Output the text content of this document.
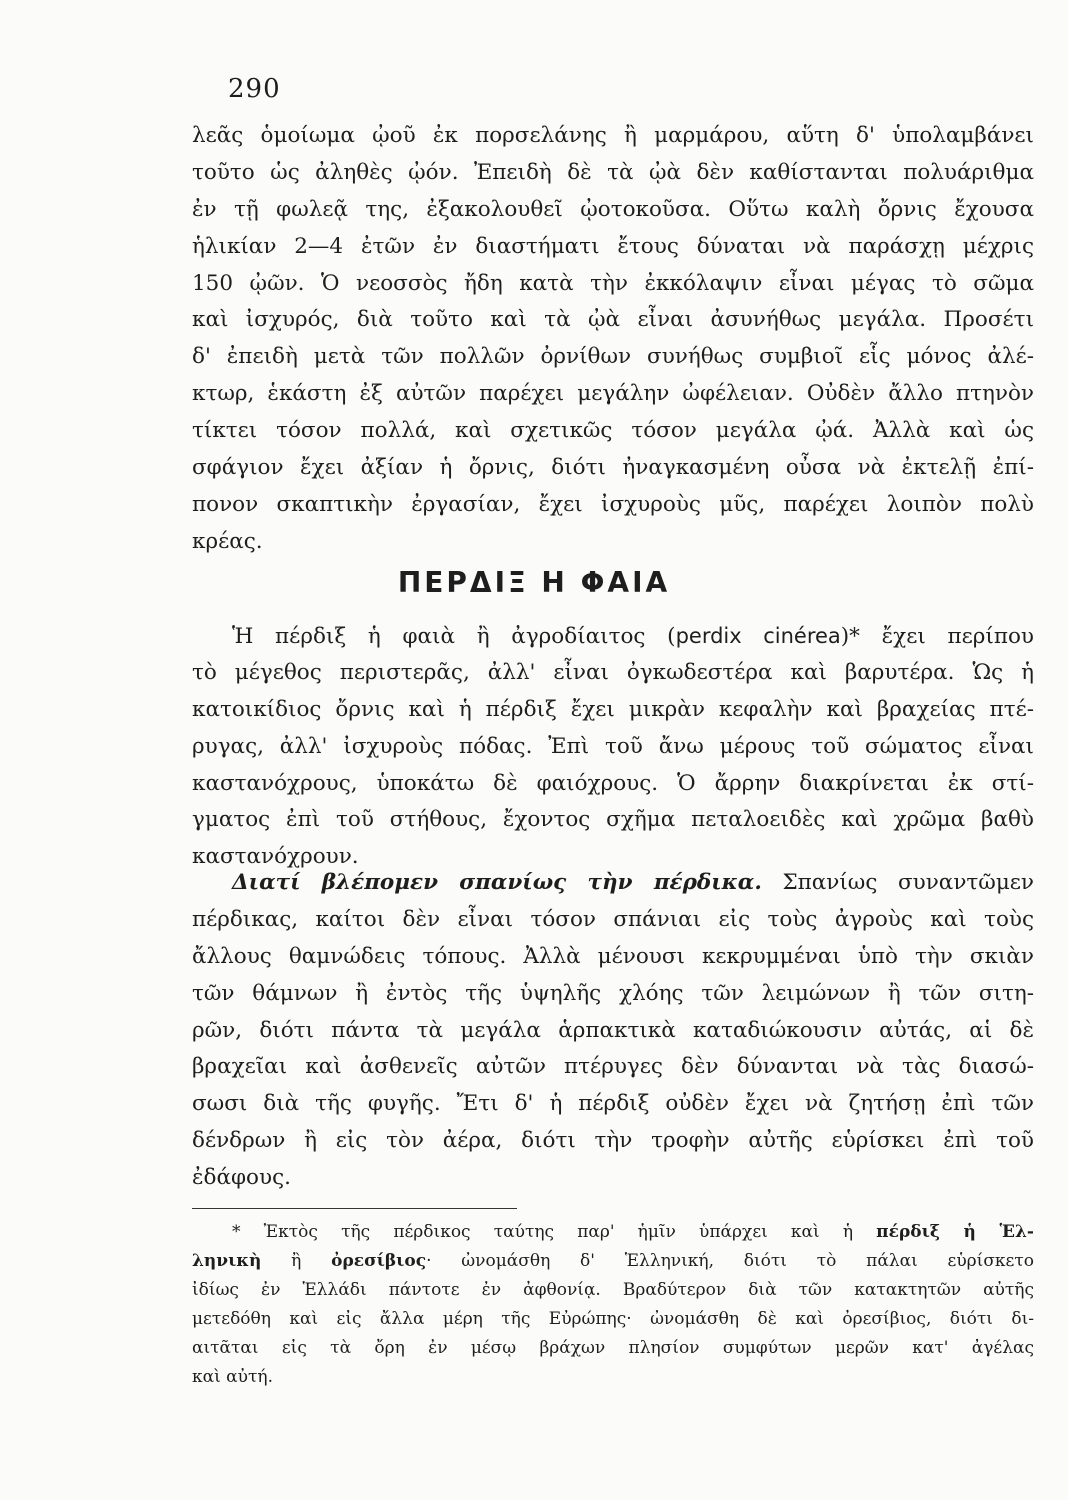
290
λεᾶς ὁμοίωμα ᾠοῦ ἐκ πορσελάνης ἢ μαρμάρου, αὕτη δ' ὑπολαμβάνει
τοῦτο ὡς ἀληθὲς ᾠόν. Ἐπειδὴ δὲ τὰ ᾠὰ δὲν καθίστανται πολυάριθμα
ἐν τῇ φωλεᾷ της, ἐξακολουθεῖ ᾠοτοκοῦσα. Οὕτω καλὴ ὄρνις ἔχουσα
ἡλικίαν 2—4 ἐτῶν ἐν διαστήματι ἔτους δύναται νὰ παράσχῃ μέχρις
150 ᾠῶν. Ὁ νεοσσὸς ἤδη κατὰ τὴν ἐκκόλαψιν εἶναι μέγας τὸ σῶμα
καὶ ἰσχυρός, διὰ τοῦτο καὶ τὰ ᾠὰ εἶναι ἀσυνήθως μεγάλα. Προσέτι
δ' ἐπειδὴ μετὰ τῶν πολλῶν ὀρνίθων συνήθως συμβιοῖ εἷς μόνος ἀλέ-
κτωρ, ἑκάστη ἐξ αὐτῶν παρέχει μεγάλην ὠφέλειαν. Οὐδὲν ἄλλο πτηνὸν
τίκτει τόσον πολλά, καὶ σχετικῶς τόσον μεγάλα ᾠά. Ἀλλὰ καὶ ὡς
σφάγιον ἔχει ἀξίαν ἡ ὄρνις, διότι ἠναγκασμένη οὖσα νὰ ἐκτελῇ ἐπί-
πονον σκαπτικὴν ἐργασίαν, ἔχει ἰσχυροὺς μῦς, παρέχει λοιπὸν πολὺ
κρέας.
ΠΕΡΔΙΞ Η ΦΑΙΑ
Ἡ πέρδιξ ἡ φαιὰ ἢ ἀγροδίαιτος (perdix cinérea)* ἔχει περίπου
τὸ μέγεθος περιστερᾶς, ἀλλ' εἶναι ὀγκωδεστέρα καὶ βαρυτέρα. Ὡς ἡ
κατοικίδιος ὄρνις καὶ ἡ πέρδιξ ἔχει μικρὰν κεφαλὴν καὶ βραχείας πτέ-
ρυγας, ἀλλ' ἰσχυροὺς πόδας. Ἐπὶ τοῦ ἄνω μέρους τοῦ σώματος εἶναι
καστανόχρους, ὑποκάτω δὲ φαιόχρους. Ὁ ἄρρην διακρίνεται ἐκ στί-
γματος ἐπὶ τοῦ στήθους, ἔχοντος σχῆμα πεταλοειδὲς καὶ χρῶμα βαθὺ
καστανόχρουν.
Διατί βλέπομεν σπανίως τὴν πέρδικα. Σπανίως συναντῶμεν
πέρδικας, καίτοι δὲν εἶναι τόσον σπάνιαι εἰς τοὺς ἀγροὺς καὶ τοὺς
ἄλλους θαμνώδεις τόπους. Ἀλλὰ μένουσι κεκρυμμέναι ὑπὸ τὴν σκιὰν
τῶν θάμνων ἢ ἐντὸς τῆς ὑψηλῆς χλόης τῶν λειμώνων ἢ τῶν σιτη-
ρῶν, διότι πάντα τὰ μεγάλα ἁρπακτικὰ καταδιώκουσιν αὐτάς, αἱ δὲ
βραχεῖαι καὶ ἀσθενεῖς αὐτῶν πτέρυγες δὲν δύνανται νὰ τὰς διασώ-
σωσι διὰ τῆς φυγῆς. Ἔτι δ' ἡ πέρδιξ οὐδὲν ἔχει νὰ ζητήσῃ ἐπὶ τῶν
δένδρων ἢ εἰς τὸν ἀέρα, διότι τὴν τροφὴν αὐτῆς εὑρίσκει ἐπὶ τοῦ
ἐδάφους.
* Ἐκτὸς τῆς πέρδικος ταύτης παρ' ἡμῖν ὑπάρχει καὶ ἡ πέρδιξ ἡ Ἑλ-
ληνικὴ ἢ ὀρεσίβιος· ὠνομάσθη δ' Ἑλληνική, διότι τὸ πάλαι εὑρίσκετο
ἰδίως ἐν Ἑλλάδι πάντοτε ἐν ἀφθονίᾳ. Βραδύτερον διὰ τῶν κατακτητῶν αὐτῆς
μετεδόθη καὶ εἰς ἄλλα μέρη τῆς Εὐρώπης· ὠνομάσθη δὲ καὶ ὀρεσίβιος, διότι δι-
αιτᾶται εἰς τὰ ὄρη ἐν μέσῳ βράχων πλησίον συμφύτων μερῶν κατ' ἀγέλας
καὶ αὐτή.
